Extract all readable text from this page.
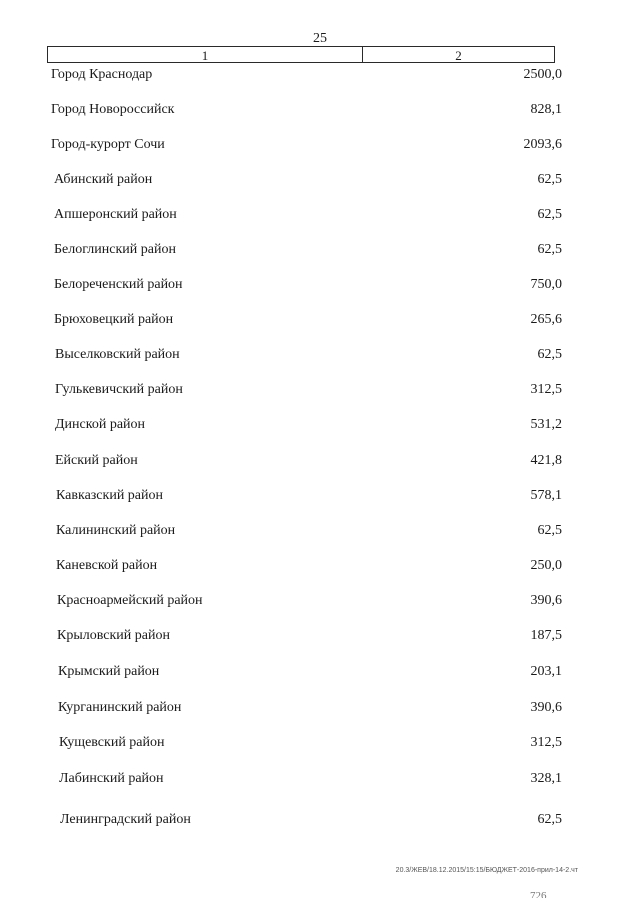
25
1	2
Город Краснодар	2500,0
Город Новороссийск	828,1
Город-курорт Сочи	2093,6
Абинский район	62,5
Апшеронский район	62,5
Белоглинский район	62,5
Белореченский район	750,0
Брюховецкий район	265,6
Выселковский район	62,5
Гулькевичский район	312,5
Динской район	531,2
Ейский район	421,8
Кавказский район	578,1
Калининский район	62,5
Каневской район	250,0
Красноармейский район	390,6
Крыловский район	187,5
Крымский район	203,1
Курганинский район	390,6
Кущевский район	312,5
Лабинский район	328,1
Ленинградский район	62,5
20.3/ЖЕВ/18.12.2015/15:15/БЮДЖЕТ-2016-прил-14-2.чт
726
